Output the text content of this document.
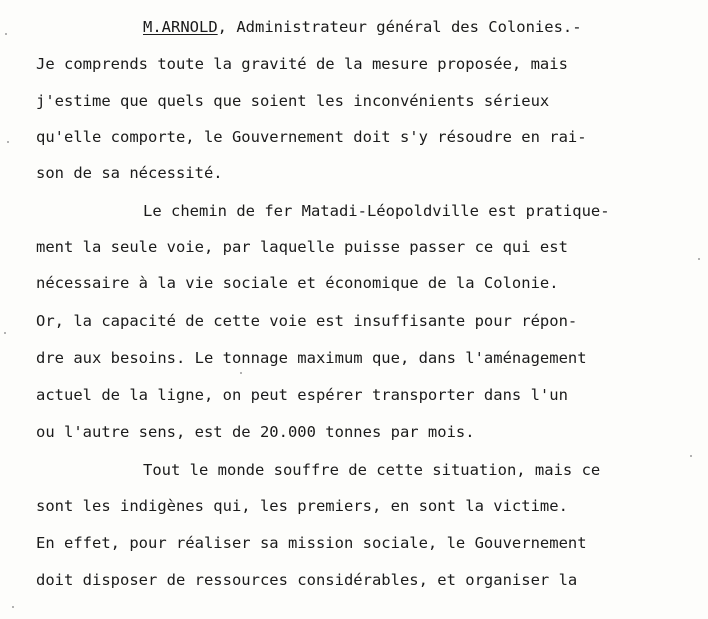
M.ARNOLD, Administrateur général des Colonies.-
Je comprends toute la gravité de la mesure proposée, mais
j'estime que quels que soient les inconvénients sérieux
qu'elle comporte, le Gouvernement doit s'y résoudre en rai-
son de sa nécessité.
Le chemin de fer Matadi-Léopoldville est pratique-
ment la seule voie, par laquelle puisse passer ce qui est
nécessaire à la vie sociale et économique de la Colonie.
Or, la capacité de cette voie est insuffisante pour répon-
dre aux besoins. Le tonnage maximum que, dans l'aménagement
actuel de la ligne, on peut espérer transporter dans l'un
ou l'autre sens, est de 20.000 tonnes par mois.
Tout le monde souffre de cette situation, mais ce
sont les indigènes qui, les premiers, en sont la victime.
En effet, pour réaliser sa mission sociale, le Gouvernement
doit disposer de ressources considérables, et organiser la
